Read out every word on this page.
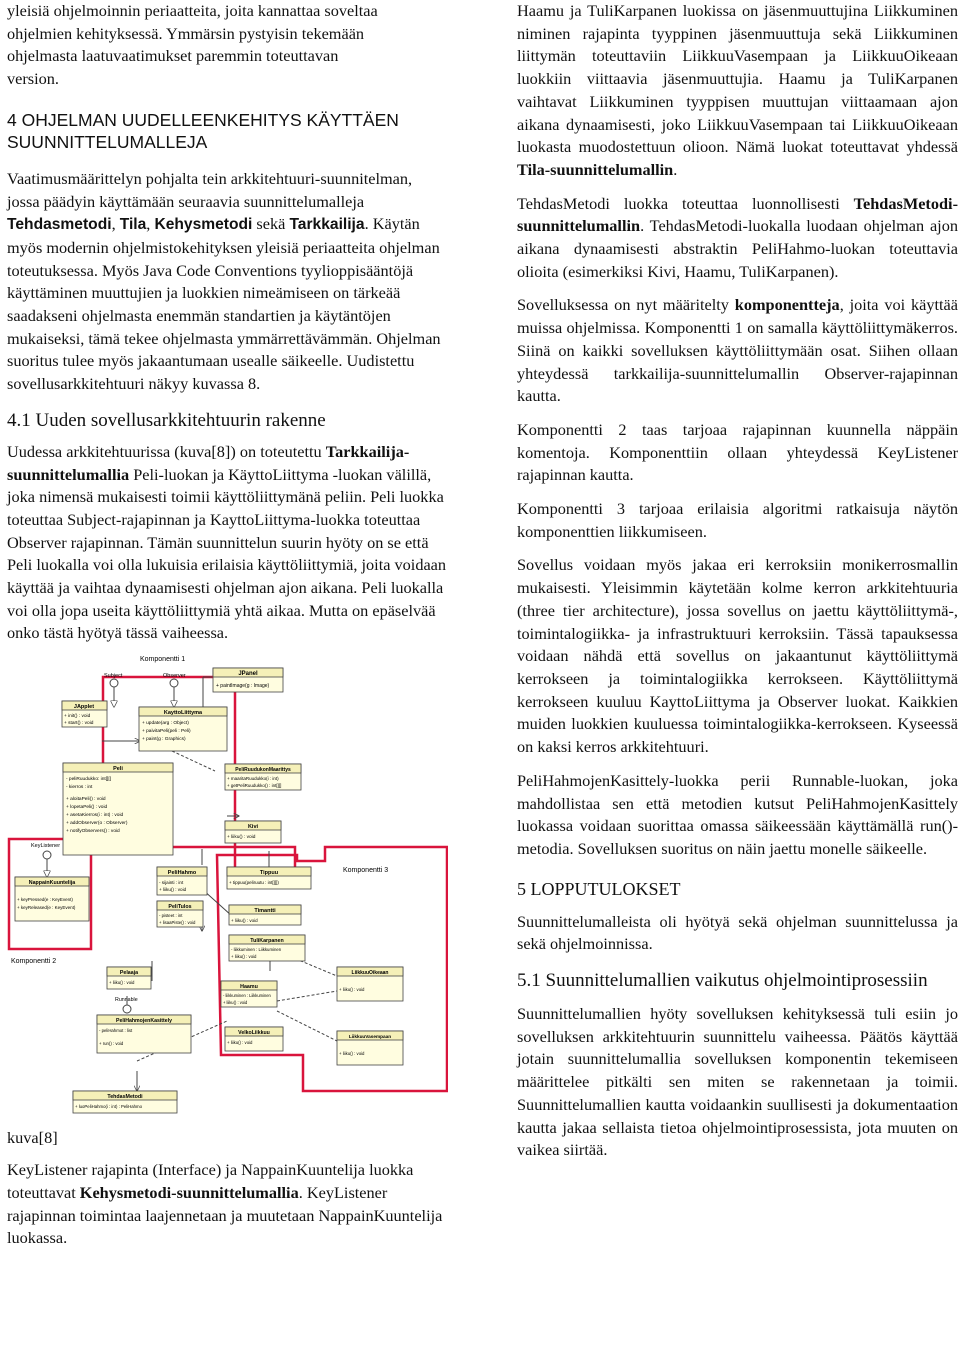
yleisiä ohjelmoinnin periaatteita, joita kannattaa soveltaa
ohjelmien kehityksessä. Ymmärsin pystyisin tekemään
ohjelmasta laatuvaatimukset paremmin toteuttavan
version.

4 OHJELMAN UUDELLEENKEHITYS KÄYTTÄEN
SUUNNITTELUMALLEJA

Vaatimusmäärittelyn pohjalta tein arkkitehtuuri-suunnitelman, jossa päädyin käyttämään seuraavia suunnittelumalleja Tehdasmetodi, Tila, Kehysmetodi sekä Tarkkailija. Käytän myös modernin ohjelmistokehityksen yleisiä periaatteita ohjelman toteutuksessa. Myös Java Code Conventions tyylioppisääntöjä käyttäminen muuttujien ja luokkien nimeämiseen on tärkeää saadakseni ohjelmasta enemmän standartien ja käytäntöjen mukaiseksi, tämä tekee ohjelmasta ymmärrettävämmän. Ohjelman suoritus tulee myös jakaantumaan usealle säikeelle. Uudistettu sovellusarkkitehtuuri näkyy kuvassa 8.

4.1 Uuden sovellusarkkitehtuurin rakenne

Uudessa arkkitehtuurissa (kuva[8]) on toteutettu Tarkkailija-suunnittelumallia Peli-luokan ja KäyttoLiittyma -luokan välillä, joka nimensä mukaisesti toimii käyttöliittymänä peliin. Peli luokka toteuttaa Subject-rajapinnan ja KayttoLiittyma-luokka toteuttaa Observer rajapinnan. Tämän suunnittelun suurin hyöty on se että Peli luokalla voi olla lukuisia erilaisia käyttöliittymiä, joita voidaan käyttää ja vaihtaa dynaamisesti ohjelman ajon aikana. Peli luokalla voi olla jopa useita käyttöliittymiä yhtä aikaa. Mutta on epäselvää onko tästä hyötyä tässä vaiheessa.

Komponentti 1
Komponentti 2
Komponentti 3
JPanel
+ paintImage(g : Image)
Subject	Observer
JApplet
+ init() : void
+ start() : void
KayttoLiittyma
+ update(arg : Object)
+ paivitaPeli(peli : Peli)
+ paint(g : Graphics)
Peli
- peliRuudukko: int[][]
- kierros : int
+ aloitaPeli() : void
+ lopetaPeli() : void
+ asetaKierros(i : int) : void
+ addObserver(o : Observer)
+ notifyObservers() : void
PeliRuudukonMaarittys
+ maaritaRuudukko(i : int)
+ getPeliRuudukko() : int[][]
Kivi
+ liiku() : void
PeliHahmo
- sijainti : int
+ liiku() : void
KeyListener
NappainKuuntelija
+ keyPressed(e : KeyEvent)
+ keyReleased(e : KeyEvent)
Tippuu
+ tippuu(peliruutu : int[][])
Timantti
+ liiku() : void
PeliTulos
- pisteet : int
+ lisaaPiste() : void
TuliKarpanen
- liikkuminen : Liikkuminen
+ liiku() : void
Pelaaja
+ liiku() : void
Haamu
- liikkuminen : Liikkuminen
+ liiku() : void
LiikkuuOikeaan
+ liiku() : void
Runnable
PeliHahmojenKasittely
- peliHahmot : list
+ run() : void
VelkoLiikkuu
+ liiku() : void
LiikkuuVasempaan
+ liiku() : void
TehdasMetodi
+ luoPeliHahmo(i : int) : PeliHahmo
kuva[8]

KeyListener rajapinta (Interface) ja NappainKuuntelija luokka toteuttavat Kehysmetodi-suunnittelumallia. KeyListener rajapinnan toimintaa laajennetaan ja muutetaan NappainKuuntelija luokassa.

Haamu ja TuliKarpanen luokissa on jäsenmuuttujina Liikkuminen niminen rajapinta tyyppinen jäsenmuuttuja sekä Liikkuminen liittymän toteuttaviin LiikkuuVasempaan ja LiikkuuOikeaan luokkiin viittaavia jäsenmuuttujia. Haamu ja TuliKarpanen vaihtavat Liikkuminen tyyppisen muuttujan viittaamaan ajon aikana dynaamisesti, joko LiikkuuVasempaan tai LiikkuuOikeaan luokasta muodostettuun olioon. Nämä luokat toteuttavat yhdessä Tila-suunnittelumallin.

TehdasMetodi luokka toteuttaa luonnollisesti TehdasMetodi-suunnittelumallin. TehdasMetodi-luokalla luodaan ohjelman ajon aikana dynaamisesti abstraktin PeliHahmo-luokan toteuttavia olioita (esimerkiksi Kivi, Haamu, TuliKarpanen).

Sovelluksessa on nyt määritelty komponentteja, joita voi käyttää muissa ohjelmissa. Komponentti 1 on samalla käyttöliittymäkerros. Siinä on kaikki sovelluksen käyttöliittymään osat. Siihen ollaan yhteydessä tarkkailija-suunnittelumallin Observer-rajapinnan kautta.

Komponentti 2 taas tarjoaa rajapinnan kuunnella näppäin komentoja. Komponenttiin ollaan yhteydessä KeyListener rajapinnan kautta.

Komponentti 3 tarjoaa erilaisia algoritmi ratkaisuja näytön komponenttien liikkumiseen.

Sovellus voidaan myös jakaa eri kerroksiin monikerrosmallin mukaisesti. Yleisimmin käytetään kolme kerron arkkitehtuuria (three tier architecture), jossa sovellus on jaettu käyttöliittymä-, toimintalogiikka- ja infrastruktuuri kerroksiin. Tässä tapauksessa voidaan nähdä että sovellus on jakaantunut käyttöliittymä kerrokseen ja toimintalogiikka kerrokseen. Käyttöliittymä kerrokseen kuuluu KayttoLiittyma ja Observer luokat. Kaikkien muiden luokkien kuuluessa toimintalogiikka-kerrokseen. Kyseessä on kaksi kerros arkkitehtuuri.

PeliHahmojenKasittely-luokka perii Runnable-luokan, joka mahdollistaa sen että metodien kutsut PeliHahmojenKasittely luokassa voidaan suorittaa omassa säikeessään käyttämällä run()-metodia. Sovelluksen suoritus on näin jaettu monelle säikeelle.

5 LOPPUTULOKSET

Suunnittelumalleista oli hyötyä sekä ohjelman suunnittelussa ja sekä ohjelmoinnissa.

5.1 Suunnittelumallien vaikutus ohjelmointiprosessiin

Suunnittelumallien hyöty sovelluksen kehityksessä tuli esiin jo sovelluksen arkkitehtuurin suunnittelu vaiheessa. Päätös käyttää jotain suunnittelumallia sovelluksen komponentin tekemiseen määrittelee pitkälti sen miten se rakennetaan ja toimii. Suunnittelumallien kautta voidaankin suullisesti ja dokumentaation kautta jakaa sellaista tietoa ohjelmointiprosessista, jota muuten on vaikea siirtää.
